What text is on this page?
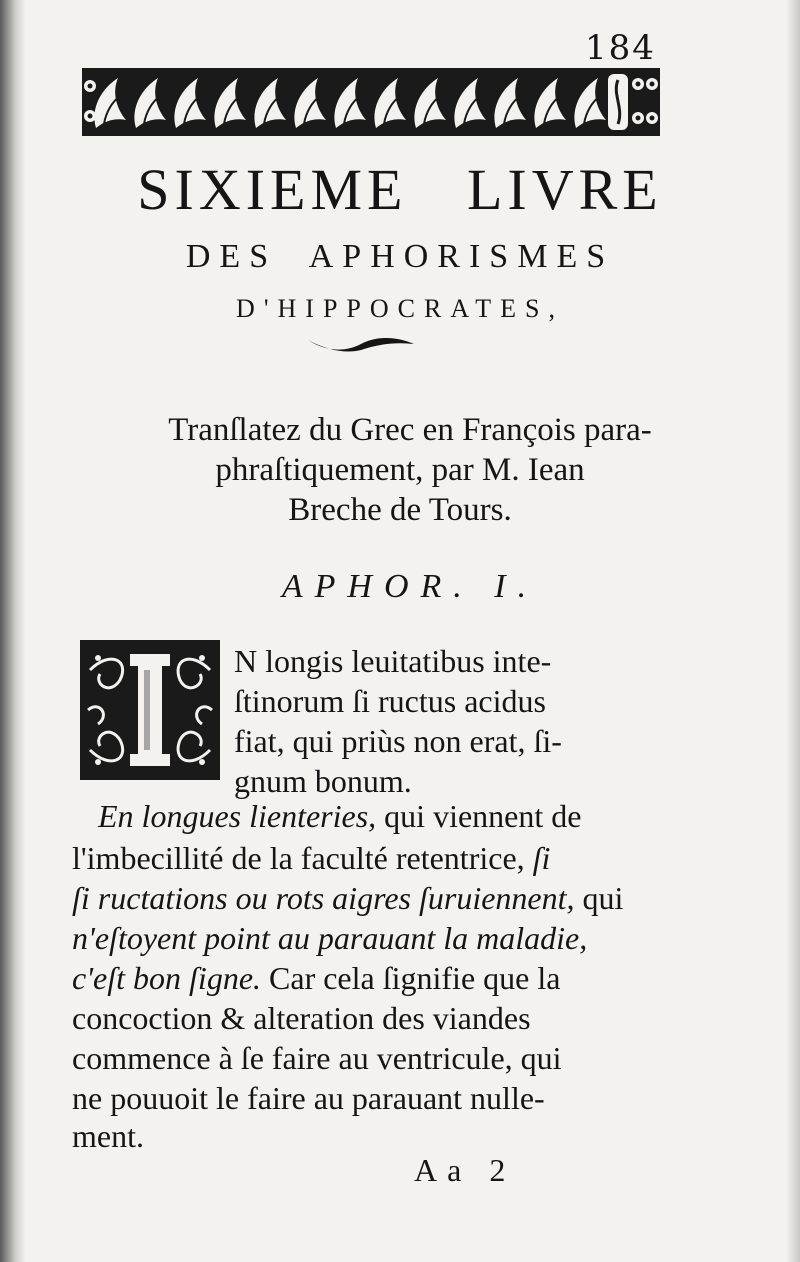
184
SIXIEME LIVRE
DES APHORISMES
D'HIPPOCRATES,
Tranſlatez du Grec en François para-
phraſtiquement, par M. Iean
Breche de Tours.
APHOR. I.
N longis leuitatibus inte-
ſtinorum ſi ructus acidus
fiat, qui priùs non erat, ſi-
gnum bonum.
En longues lienteries, qui viennent de
l'imbecillité de la faculté retentrice, ſi
ſi ructations ou rots aigres ſuruiennent, qui
n'eſtoyent point au parauant la maladie,
c'eſt bon ſigne. Car cela ſignifie que la
concoction & alteration des viandes
commence à ſe faire au ventricule, qui
ne pouuoit le faire au parauant nulle-
ment.
Aa 2
